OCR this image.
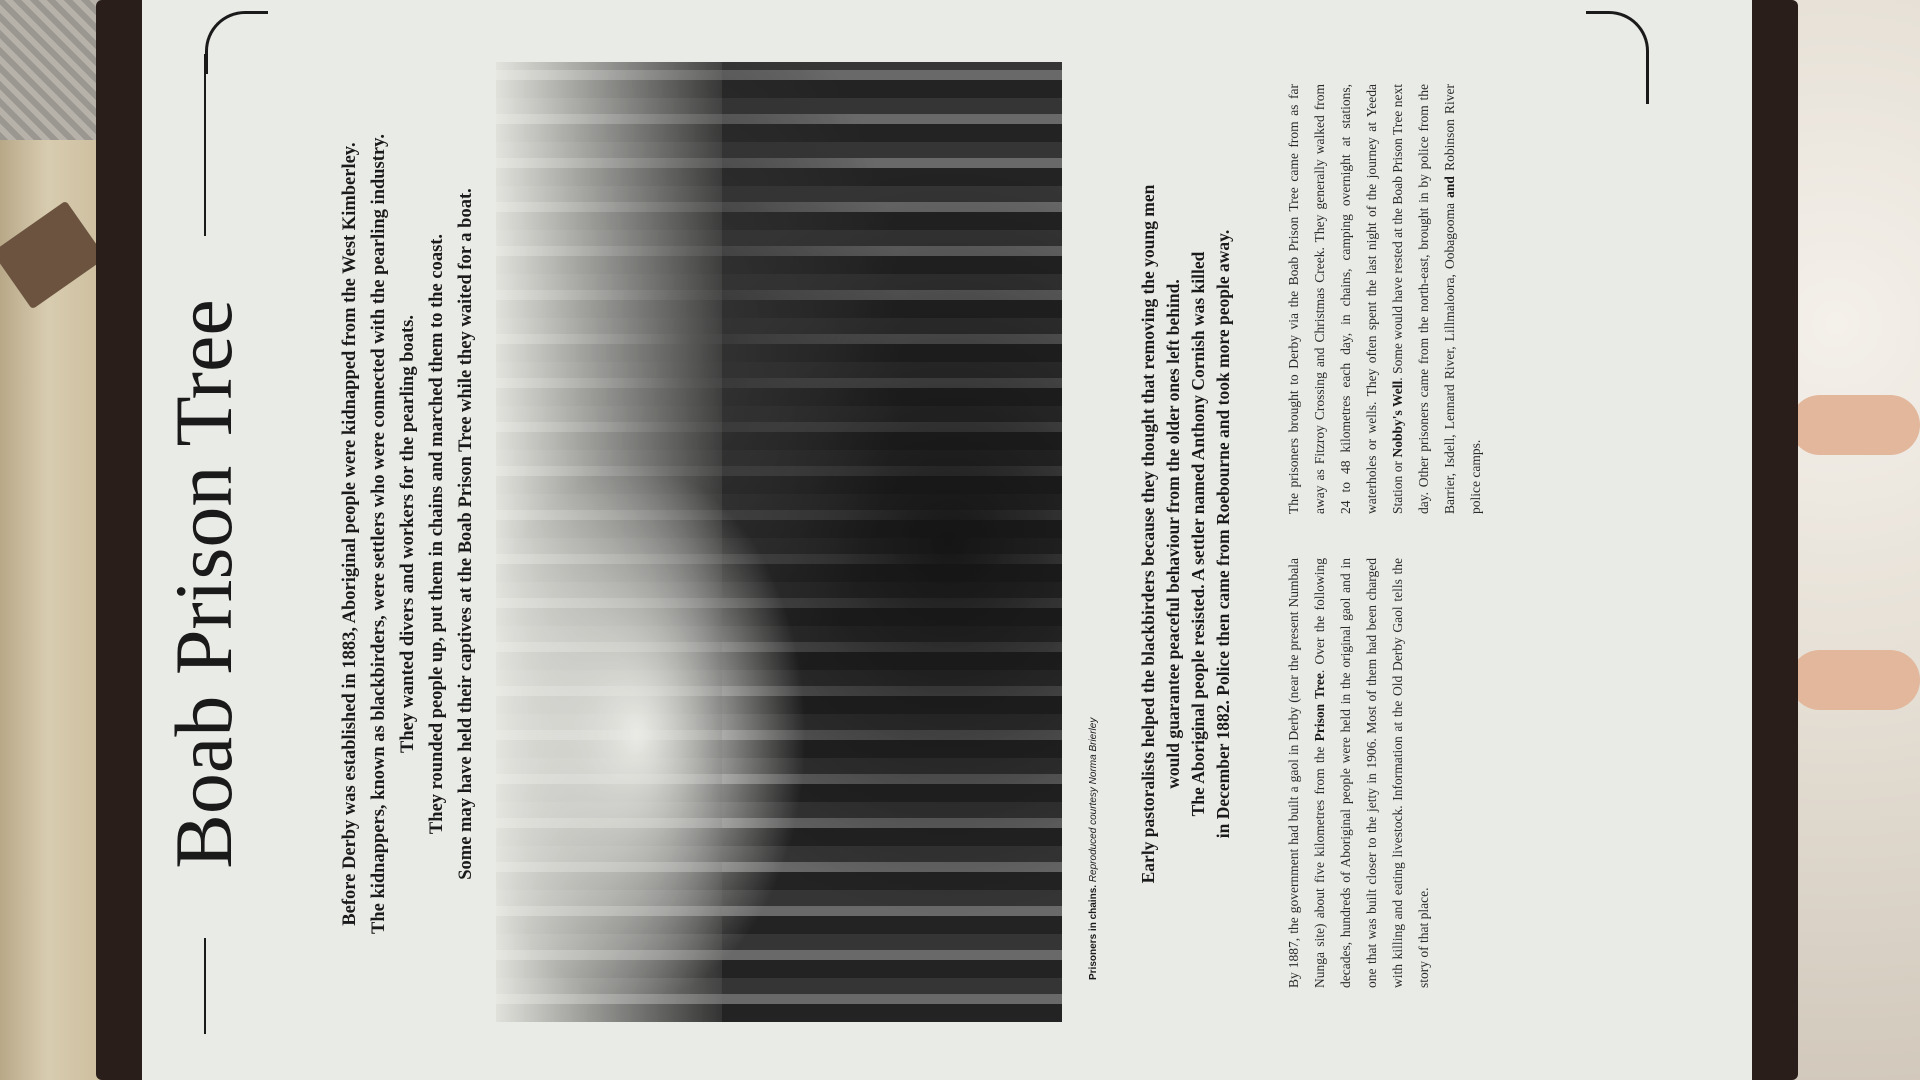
Boab Prison Tree	Before Derby was established in 1883, Aboriginal people were kidnapped from the West Kimberley. The kidnappers, known as blackbirders, were settlers who were connected with the pearling industry. They wanted divers and workers for the pearling boats. They rounded people up, put them in chains and marched them to the coast. Some may have held their captives at the Boab Prison Tree while they waited for a boat.

Prisoners in chains. Reproduced courtesy Norma Brierley Early pastoralists helped the blackbirders because they thought that removing the young men would guarantee peaceful behaviour from the older ones left behind. The Aboriginal people resisted. A settler named Anthony Cornish was killed in December 1882. Police then came from Roebourne and took more people away.	By 1887, the government had built a gaol in Derby (near the present Numbala Nunga site) about five kilometres from the Prison Tree. Over the following decades, hundreds of Aboriginal people were held in the original gaol and in one that was built closer to the jetty in 1906. Most of them had been charged with killing and eating livestock. Information at the Old Derby Gaol tells the story of that place.
The prisoners brought to Derby via the Boab Prison Tree came from as far away as Fitzroy Crossing and Christmas Creek. They generally walked from 24 to 48 kilometres each day, in chains, camping overnight at stations, waterholes or wells. They often spent the last night of the journey at Yeeda Station or Nobby's Well. Some would have rested at the Boab Prison Tree next day. Other prisoners came from the north-east, brought in by police from the Barrier, Isdell, Lennard River, Lillmaloora, Oobagooma and Robinson River police camps.
